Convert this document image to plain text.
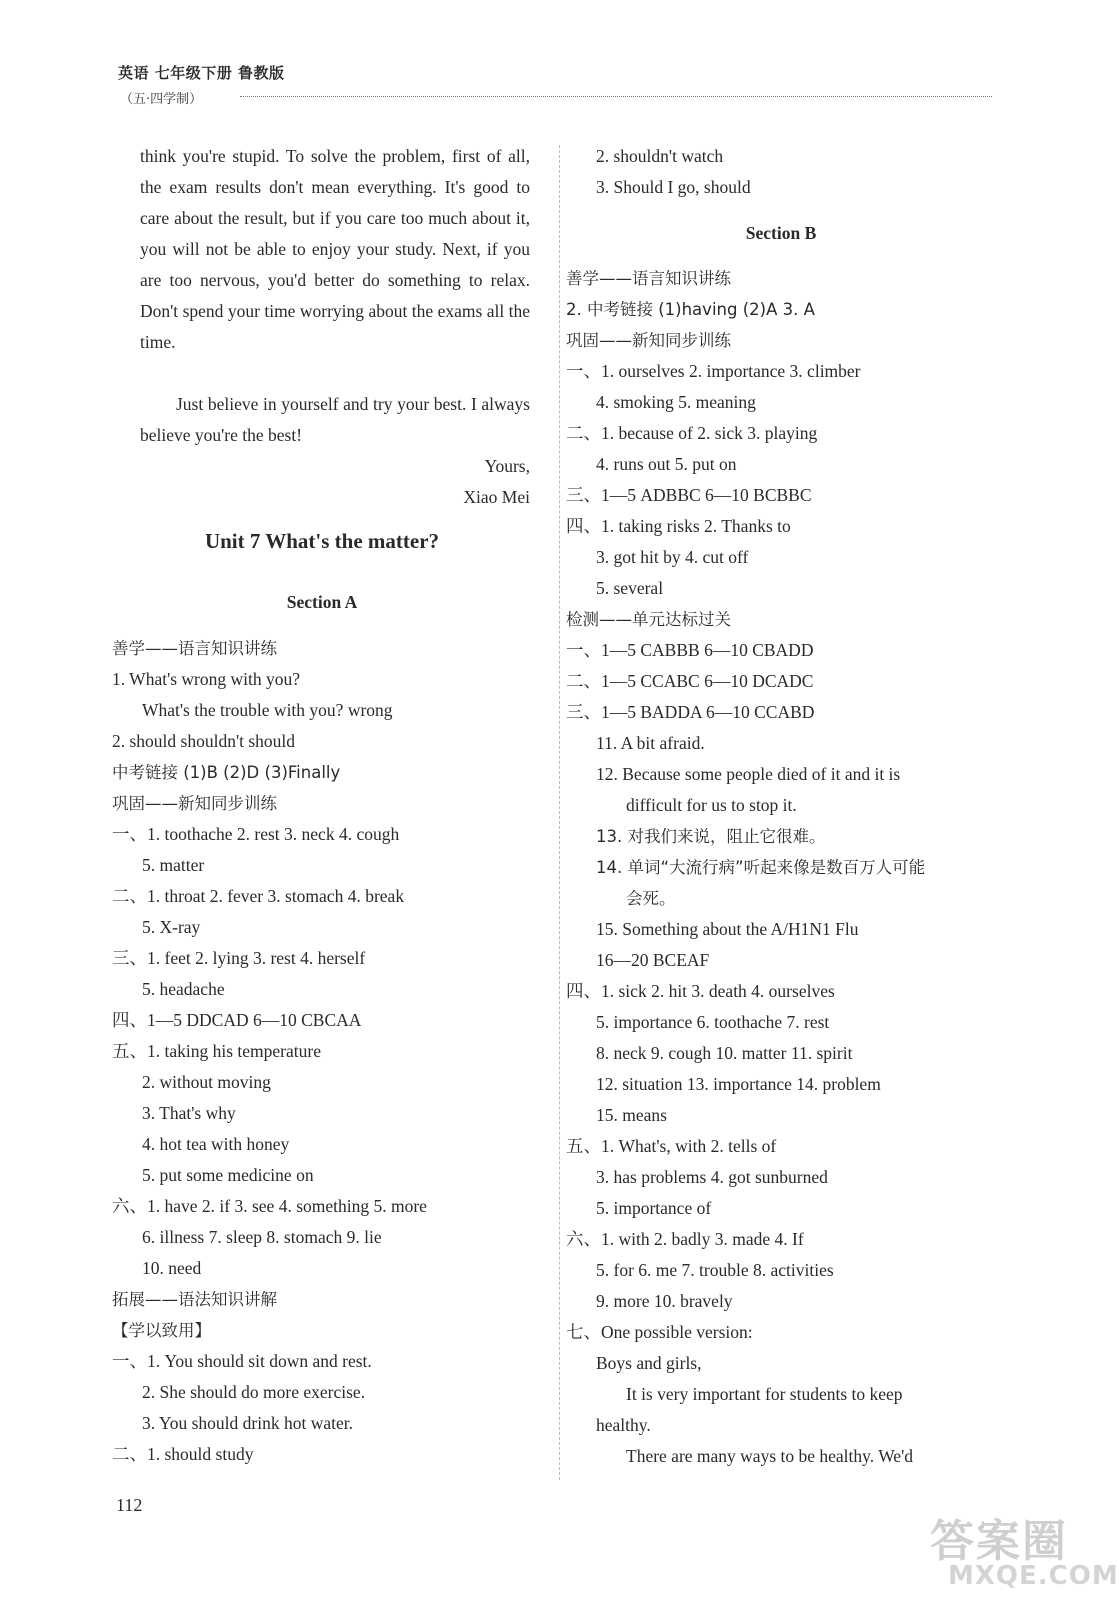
英语 七年级下册 鲁教版
（五·四学制）
think you're stupid. To solve the problem, first of all, the exam results don't mean everything. It's good to care about the result, but if you care too much about it, you will not be able to enjoy your study. Next, if you are too nervous, you'd better do something to relax. Don't spend your time worrying about the exams all the time.
Just believe in yourself and try your best. I always believe you're the best!
Yours,
Xiao Mei
Unit 7 What's the matter?
Section A
善学——语言知识讲练
1. What's wrong with you?
What's the trouble with you? wrong
2. should shouldn't should
中考链接 (1)B (2)D (3)Finally
巩固——新知同步训练
一、1. toothache 2. rest 3. neck 4. cough
5. matter
二、1. throat 2. fever 3. stomach 4. break
5. X-ray
三、1. feet 2. lying 3. rest 4. herself
5. headache
四、1—5 DDCAD 6—10 CBCAA
五、1. taking his temperature
2. without moving
3. That's why
4. hot tea with honey
5. put some medicine on
六、1. have 2. if 3. see 4. something 5. more
6. illness 7. sleep 8. stomach 9. lie
10. need
拓展——语法知识讲解
【学以致用】
一、1. You should sit down and rest.
2. She should do more exercise.
3. You should drink hot water.
二、1. should study
2. shouldn't watch
3. Should I go, should
Section B
善学——语言知识讲练
2. 中考链接 (1)having (2)A 3. A
巩固——新知同步训练
一、1. ourselves 2. importance 3. climber
4. smoking 5. meaning
二、1. because of 2. sick 3. playing
4. runs out 5. put on
三、1—5 ADBBC 6—10 BCBBC
四、1. taking risks 2. Thanks to
3. got hit by 4. cut off
5. several
检测——单元达标过关
一、1—5 CABBB 6—10 CBADD
二、1—5 CCABC 6—10 DCADC
三、1—5 BADDA 6—10 CCABD
11. A bit afraid.
12. Because some people died of it and it is
difficult for us to stop it.
13. 对我们来说，阻止它很难。
14. 单词“大流行病”听起来像是数百万人可能
会死。
15. Something about the A/H1N1 Flu
16—20 BCEAF
四、1. sick 2. hit 3. death 4. ourselves
5. importance 6. toothache 7. rest
8. neck 9. cough 10. matter 11. spirit
12. situation 13. importance 14. problem
15. means
五、1. What's, with 2. tells of
3. has problems 4. got sunburned
5. importance of
六、1. with 2. badly 3. made 4. If
5. for 6. me 7. trouble 8. activities
9. more 10. bravely
七、One possible version:
Boys and girls,
It is very important for students to keep
healthy.
There are many ways to be healthy. We'd
112
答案圈
MXQE.COM
